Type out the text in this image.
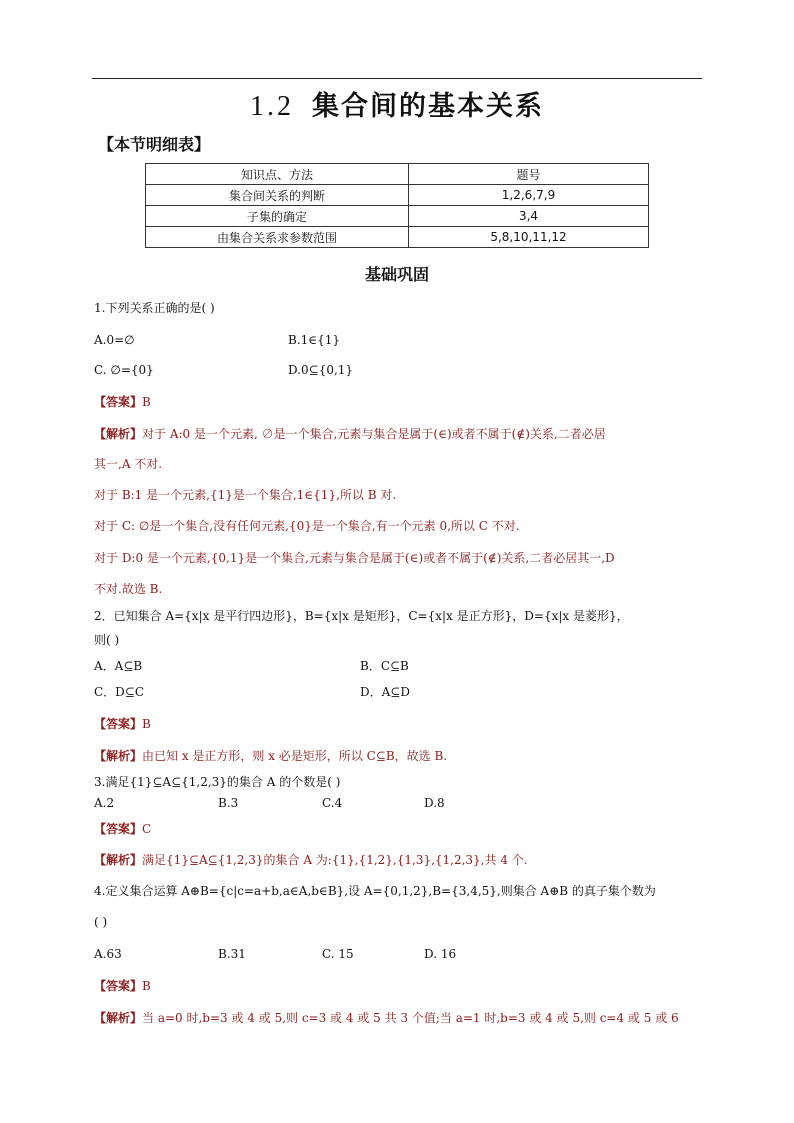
1.2 集合间的基本关系
【本节明细表】
知识点、方法	题号
集合间关系的判断	1,2,6,7,9
子集的确定	3,4
由集合关系求参数范围	5,8,10,11,12
基础巩固
1.下列关系正确的是( )
A.0=∅	B.1∈{1}
C. ∅={0}	D.0⊆{0,1}
【答案】B
【解析】对于 A:0 是一个元素, ∅是一个集合,元素与集合是属于(∈)或者不属于(∉)关系,二者必居
其一,A 不对.
对于 B:1 是一个元素,{1}是一个集合,1∈{1},所以 B 对.
对于 C: ∅是一个集合,没有任何元素,{0}是一个集合,有一个元素 0,所以 C 不对.
对于 D:0 是一个元素,{0,1}是一个集合,元素与集合是属于(∈)或者不属于(∉)关系,二者必居其一,D
不对.故选 B.
2．已知集合 A={x|x 是平行四边形}，B={x|x 是矩形}，C={x|x 是正方形}，D={x|x 是菱形}，
则( )
A．A⊆B	B．C⊆B
C．D⊆C	D．A⊆D
【答案】B
【解析】由已知 x 是正方形，则 x 必是矩形，所以 C⊆B，故选 B.
3.满足{1}⊆A⊆{1,2,3}的集合 A 的个数是( )
A.2	B.3	C.4	D.8
【答案】C
【解析】满足{1}⊆A⊆{1,2,3}的集合 A 为:{1},{1,2},{1,3},{1,2,3},共 4 个.
4.定义集合运算 A⊕B={c|c=a+b,a∈A,b∈B},设 A={0,1,2},B={3,4,5},则集合 A⊕B 的真子集个数为
( )
A.63	B.31	C. 15	D. 16
【答案】B
【解析】当 a=0 时,b=3 或 4 或 5,则 c=3 或 4 或 5 共 3 个值;当 a=1 时,b=3 或 4 或 5,则 c=4 或 5 或 6
